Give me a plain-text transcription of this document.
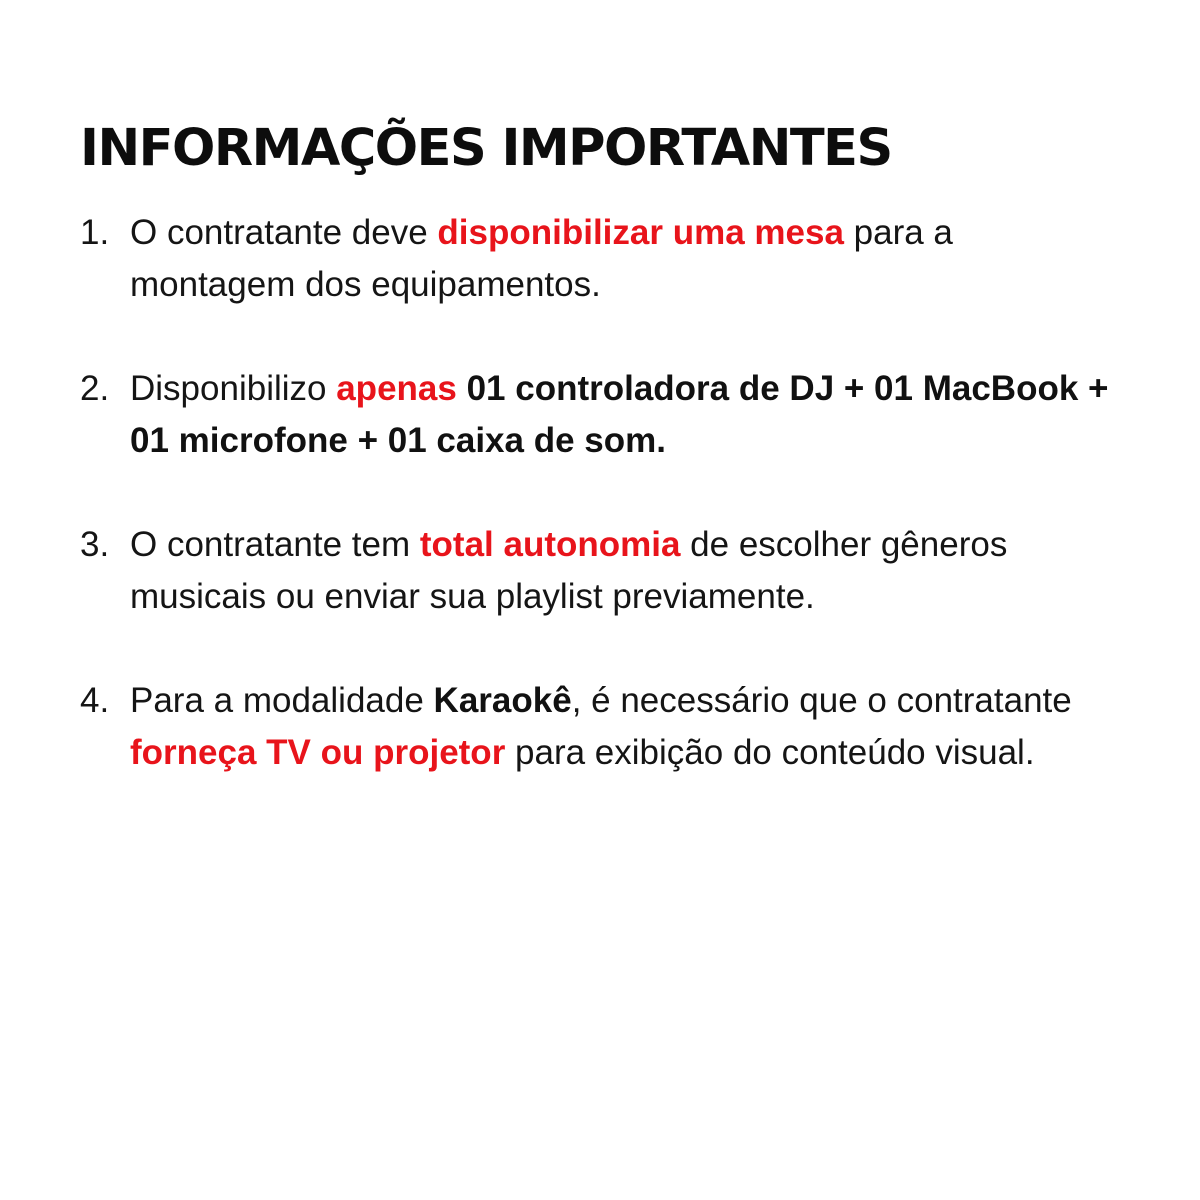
INFORMAÇÕES IMPORTANTES
1. O contratante deve disponibilizar uma mesa para a montagem dos equipamentos.
2. Disponibilizo apenas 01 controladora de DJ + 01 MacBook + 01 microfone + 01 caixa de som.
3. O contratante tem total autonomia de escolher gêneros musicais ou enviar sua playlist previamente.
4. Para a modalidade Karaokê, é necessário que o contratante forneça TV ou projetor para exibição do conteúdo visual.
